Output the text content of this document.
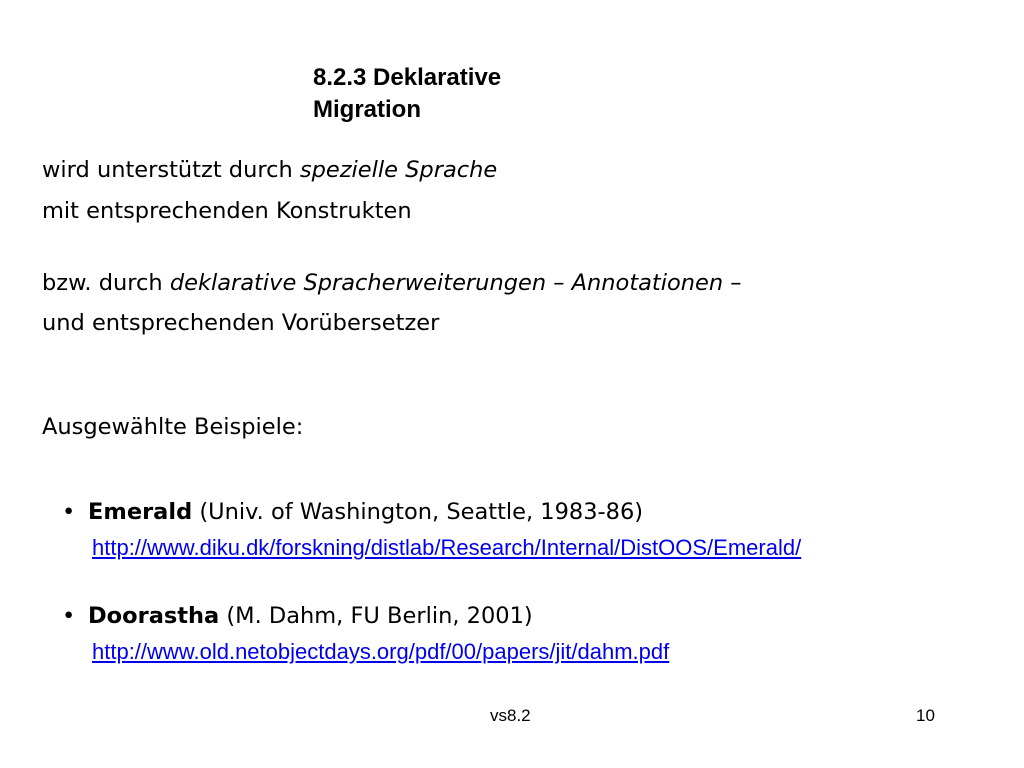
8.2.3 Deklarative
Migration
wird unterstützt durch spezielle Sprache
mit entsprechenden Konstrukten
bzw. durch deklarative Spracherweiterungen – Annotationen –
und entsprechenden Vorübersetzer
Ausgewählte Beispiele:
• Emerald (Univ. of Washington, Seattle, 1983-86)
http://www.diku.dk/forskning/distlab/Research/Internal/DistOOS/Emerald/
• Doorastha (M. Dahm, FU Berlin, 2001)
http://www.old.netobjectdays.org/pdf/00/papers/jit/dahm.pdf
vs8.2	10
